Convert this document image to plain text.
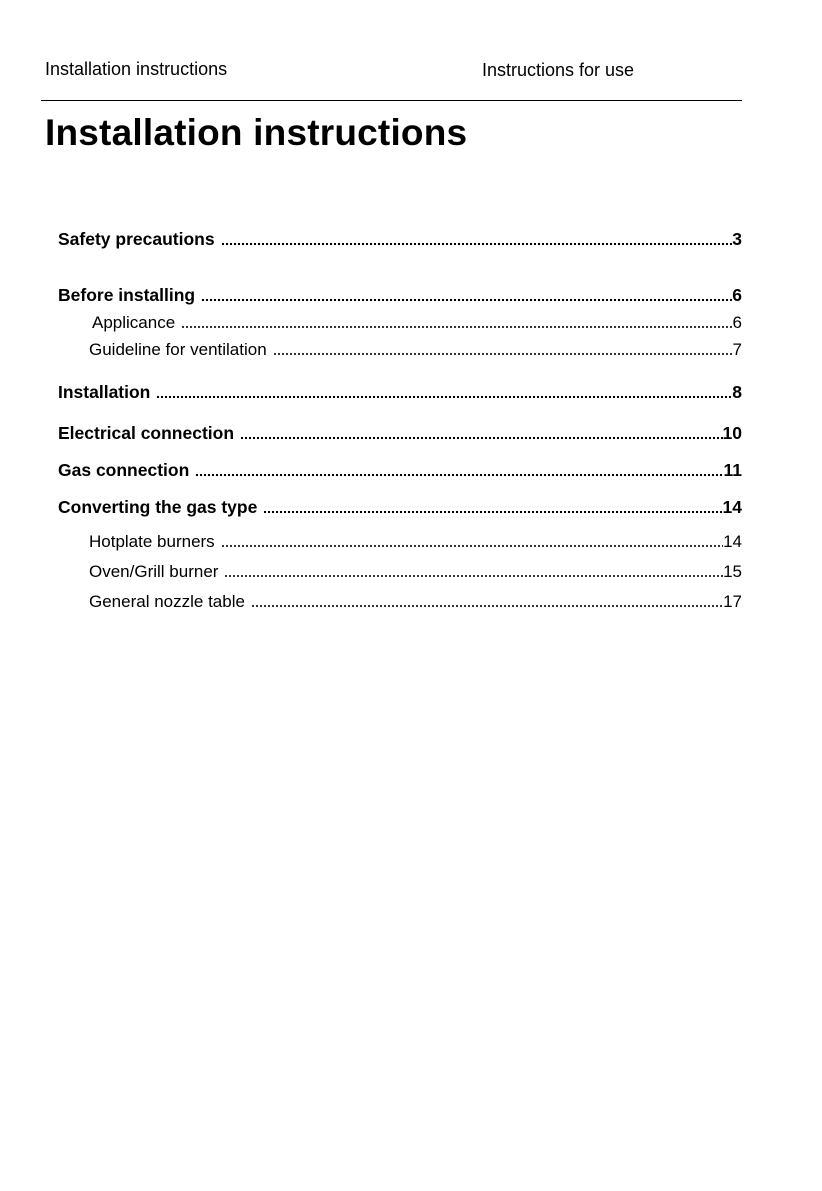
Installation instructions	Instructions for use
Installation instructions
Safety precautions	3
Before installing	6
Applicance	6
Guideline for ventilation	7
Installation	8
Electrical connection	10
Gas connection	11
Converting the gas type	14
Hotplate burners	14
Oven/Grill burner	15
General nozzle table	17
